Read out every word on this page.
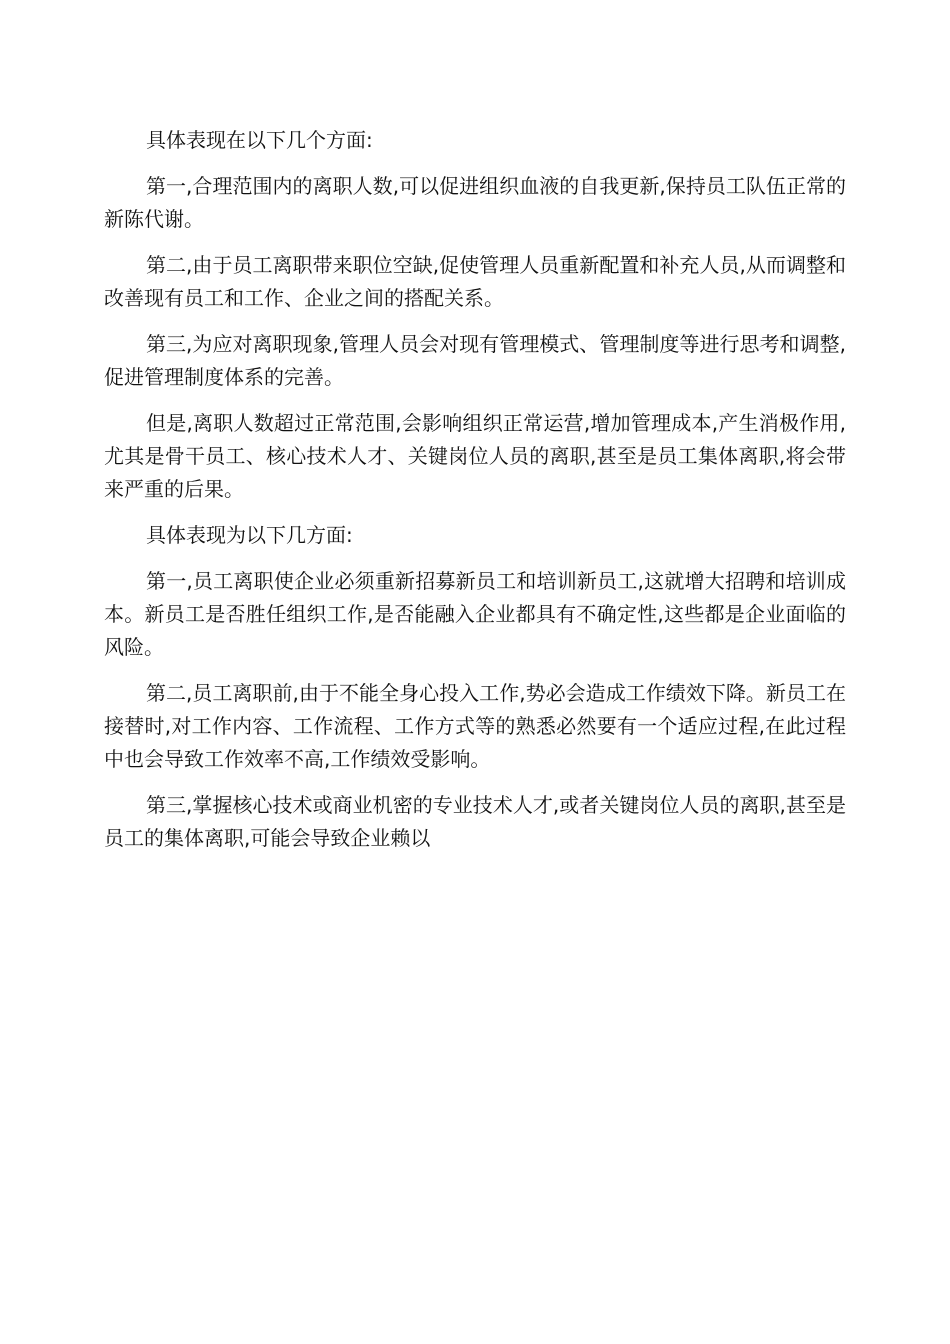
具体表现在以下几个方面:

第一,合理范围内的离职人数,可以促进组织血液的自我更新,保持员工队伍正常的新陈代谢。

第二,由于员工离职带来职位空缺,促使管理人员重新配置和补充人员,从而调整和改善现有员工和工作、企业之间的搭配关系。

第三,为应对离职现象,管理人员会对现有管理模式、管理制度等进行思考和调整,促进管理制度体系的完善。

但是,离职人数超过正常范围,会影响组织正常运营,增加管理成本,产生消极作用,尤其是骨干员工、核心技术人才、关键岗位人员的离职,甚至是员工集体离职,将会带来严重的后果。

具体表现为以下几方面:

第一,员工离职使企业必须重新招募新员工和培训新员工,这就增大招聘和培训成本。新员工是否胜任组织工作,是否能融入企业都具有不确定性,这些都是企业面临的风险。

第二,员工离职前,由于不能全身心投入工作,势必会造成工作绩效下降。新员工在接替时,对工作内容、工作流程、工作方式等的熟悉必然要有一个适应过程,在此过程中也会导致工作效率不高,工作绩效受影响。

第三,掌握核心技术或商业机密的专业技术人才,或者关键岗位人员的离职,甚至是员工的集体离职,可能会导致企业赖以
